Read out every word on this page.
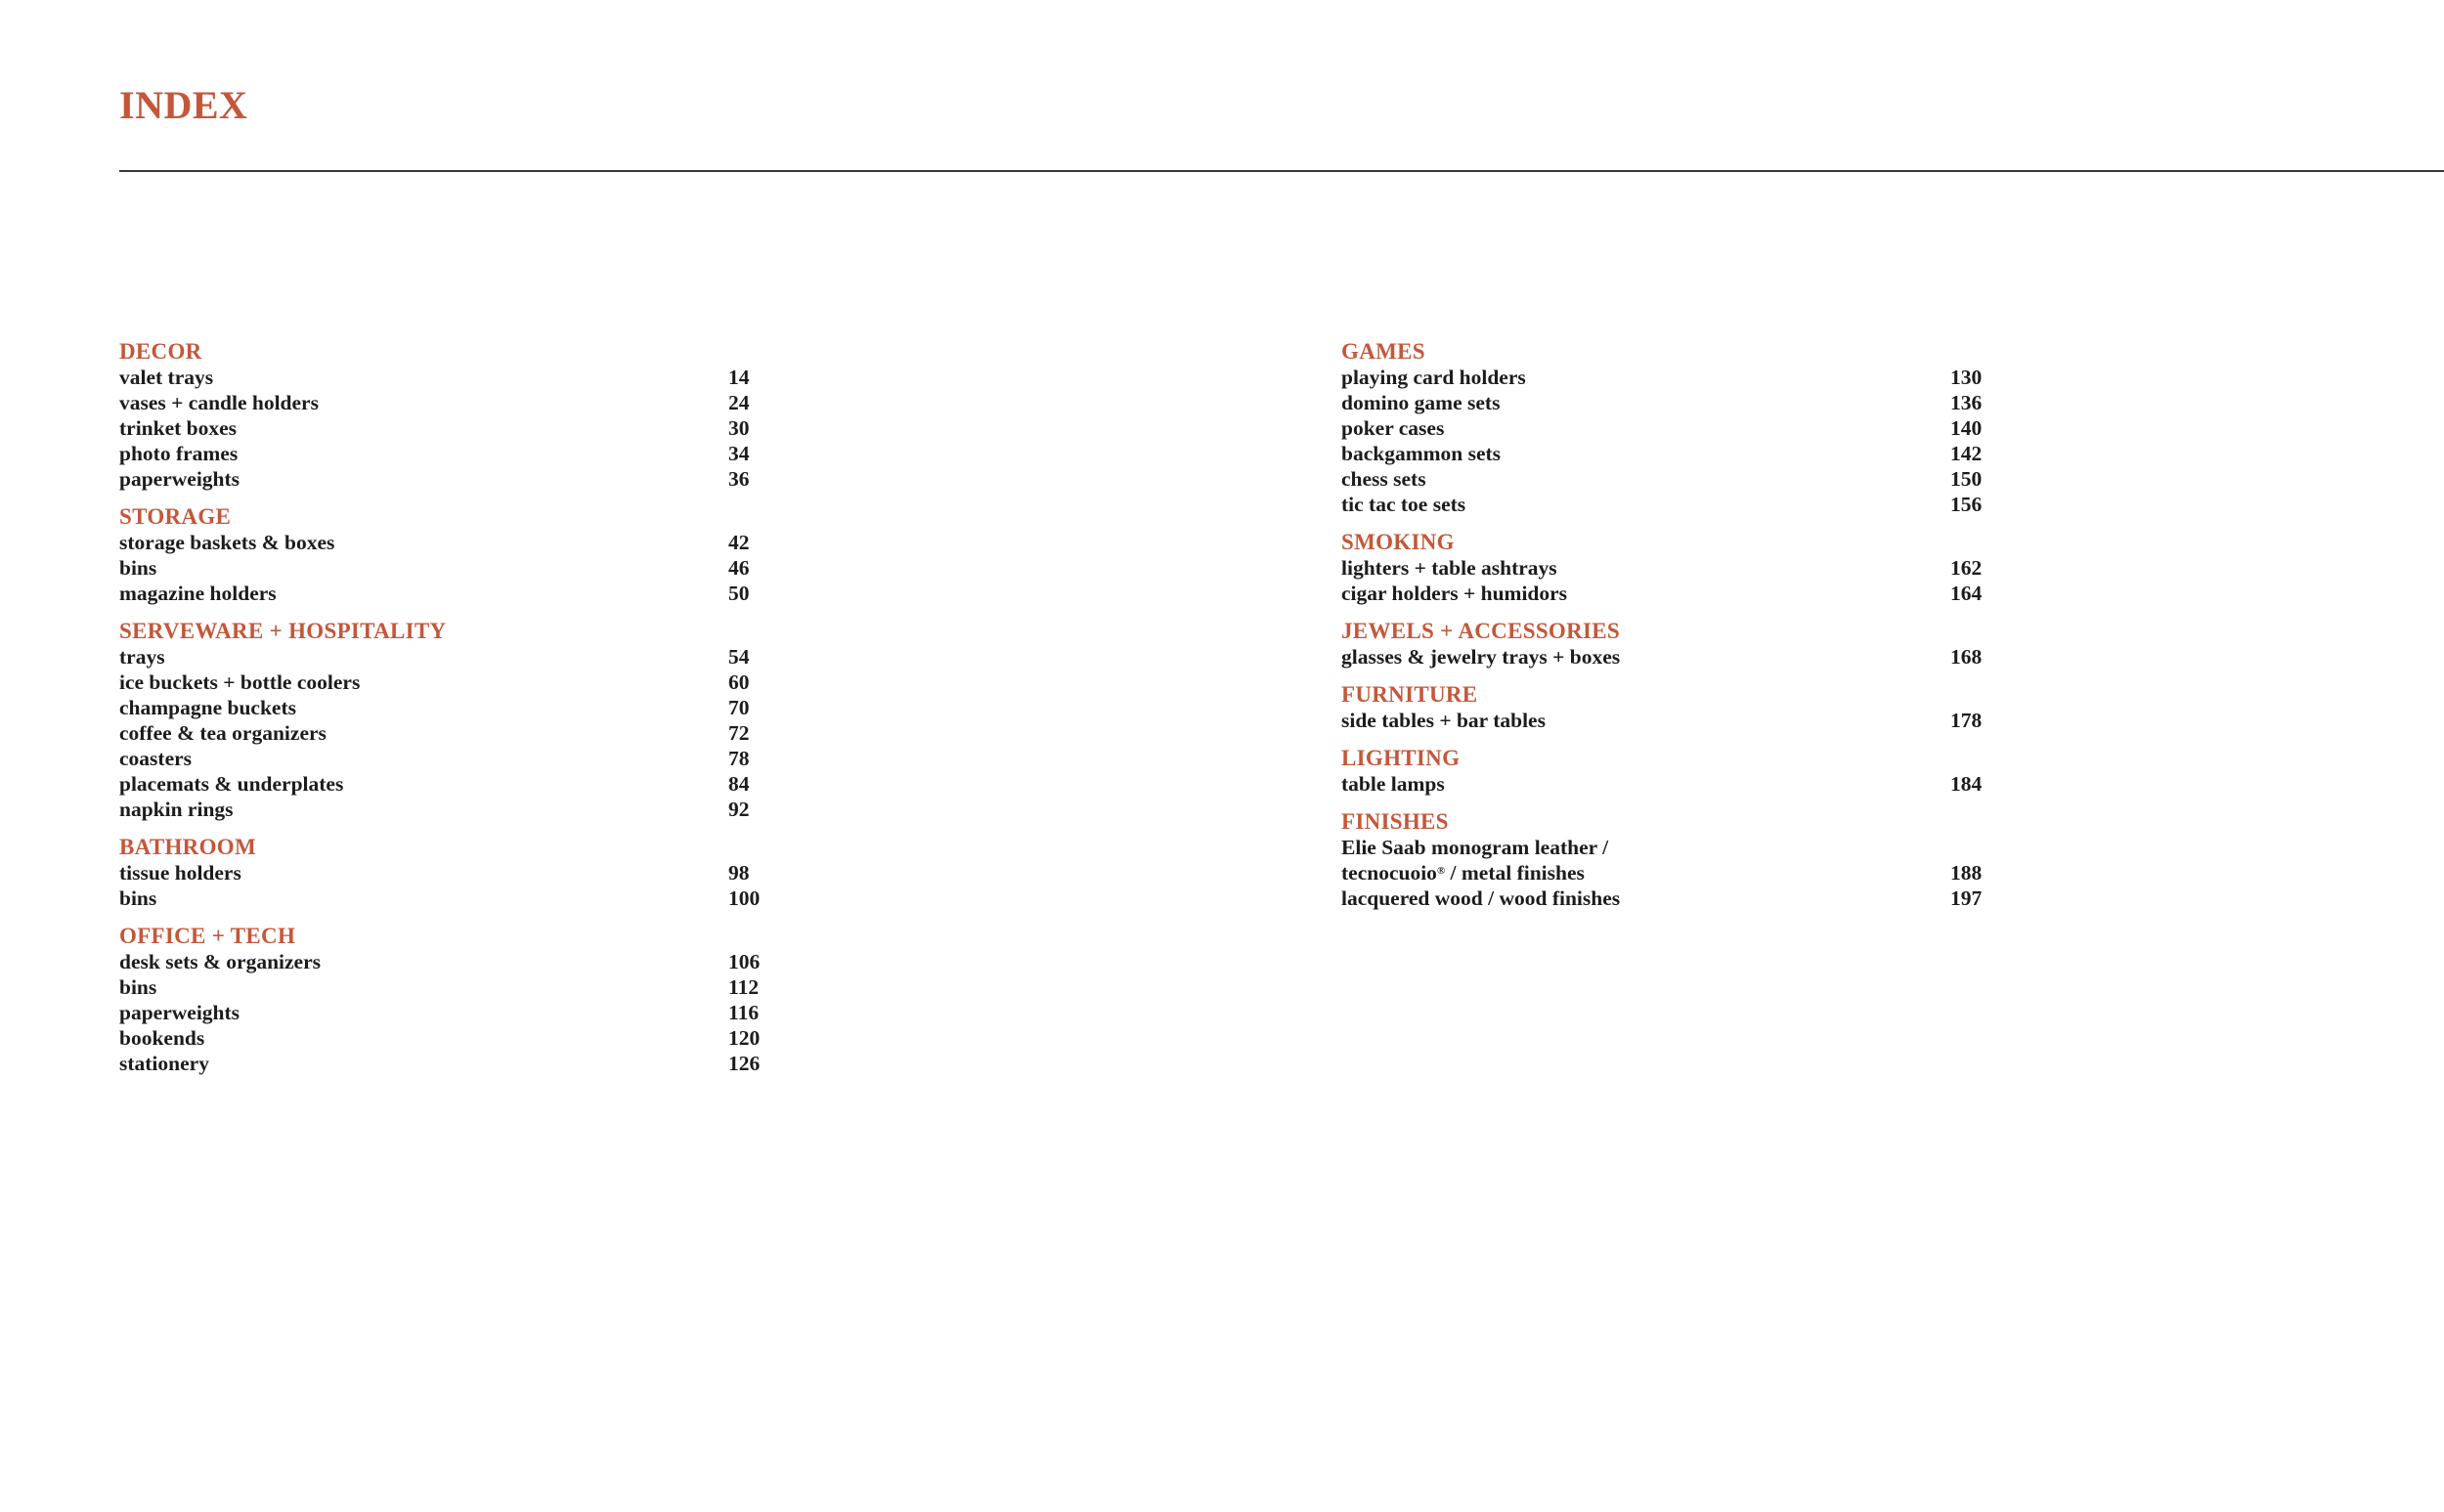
INDEX
DECOR
valet trays	14
vases + candle holders	24
trinket boxes	30
photo frames	34
paperweights	36
STORAGE
storage baskets & boxes	42
bins	46
magazine holders	50
SERVEWARE + HOSPITALITY
trays	54
ice buckets + bottle coolers	60
champagne buckets	70
coffee & tea organizers	72
coasters	78
placemats & underplates	84
napkin rings	92
BATHROOM
tissue holders	98
bins	100
OFFICE + TECH
desk sets & organizers	106
bins	112
paperweights	116
bookends	120
stationery	126
GAMES
playing card holders	130
domino game sets	136
poker cases	140
backgammon sets	142
chess sets	150
tic tac toe sets	156
SMOKING
lighters + table ashtrays	162
cigar holders + humidors	164
JEWELS + ACCESSORIES
glasses & jewelry trays + boxes	168
FURNITURE
side tables + bar tables	178
LIGHTING
table lamps	184
FINISHES
Elie Saab monogram leather /
tecnocuoio® / metal finishes	188
lacquered wood / wood finishes	197
